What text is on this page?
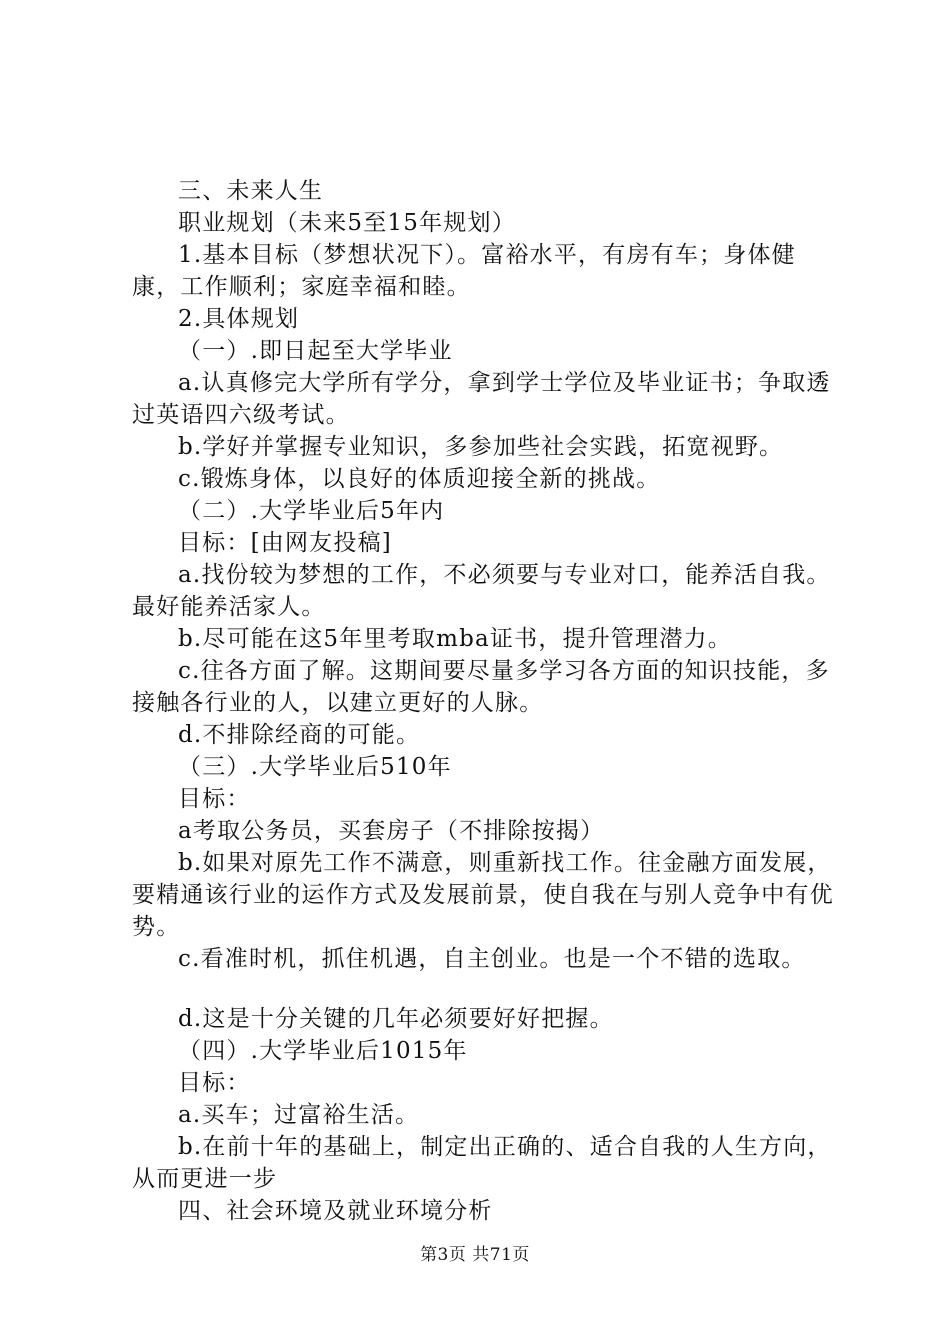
三、未来人生

职业规划（未来5至15年规划）

1.基本目标（梦想状况下）。富裕水平，有房有车；身体健康，工作顺利；家庭幸福和睦。

2.具体规划

（一）.即日起至大学毕业

a.认真修完大学所有学分，拿到学士学位及毕业证书；争取透过英语四六级考试。

b.学好并掌握专业知识，多参加些社会实践，拓宽视野。

c.锻炼身体，以良好的体质迎接全新的挑战。

（二）.大学毕业后5年内

目标：[由网友投稿]

a.找份较为梦想的工作，不必须要与专业对口，能养活自我。最好能养活家人。

b.尽可能在这5年里考取mba证书，提升管理潜力。

c.往各方面了解。这期间要尽量多学习各方面的知识技能，多接触各行业的人，以建立更好的人脉。

d.不排除经商的可能。

（三）.大学毕业后510年

目标：

a考取公务员，买套房子（不排除按揭）

b.如果对原先工作不满意，则重新找工作。往金融方面发展，要精通该行业的运作方式及发展前景，使自我在与别人竞争中有优势。

c.看准时机，抓住机遇，自主创业。也是一个不错的选取。

d.这是十分关键的几年必须要好好把握。

（四）.大学毕业后1015年

目标：

a.买车；过富裕生活。

b.在前十年的基础上，制定出正确的、适合自我的人生方向，从而更进一步

四、社会环境及就业环境分析

第3页 共71页
